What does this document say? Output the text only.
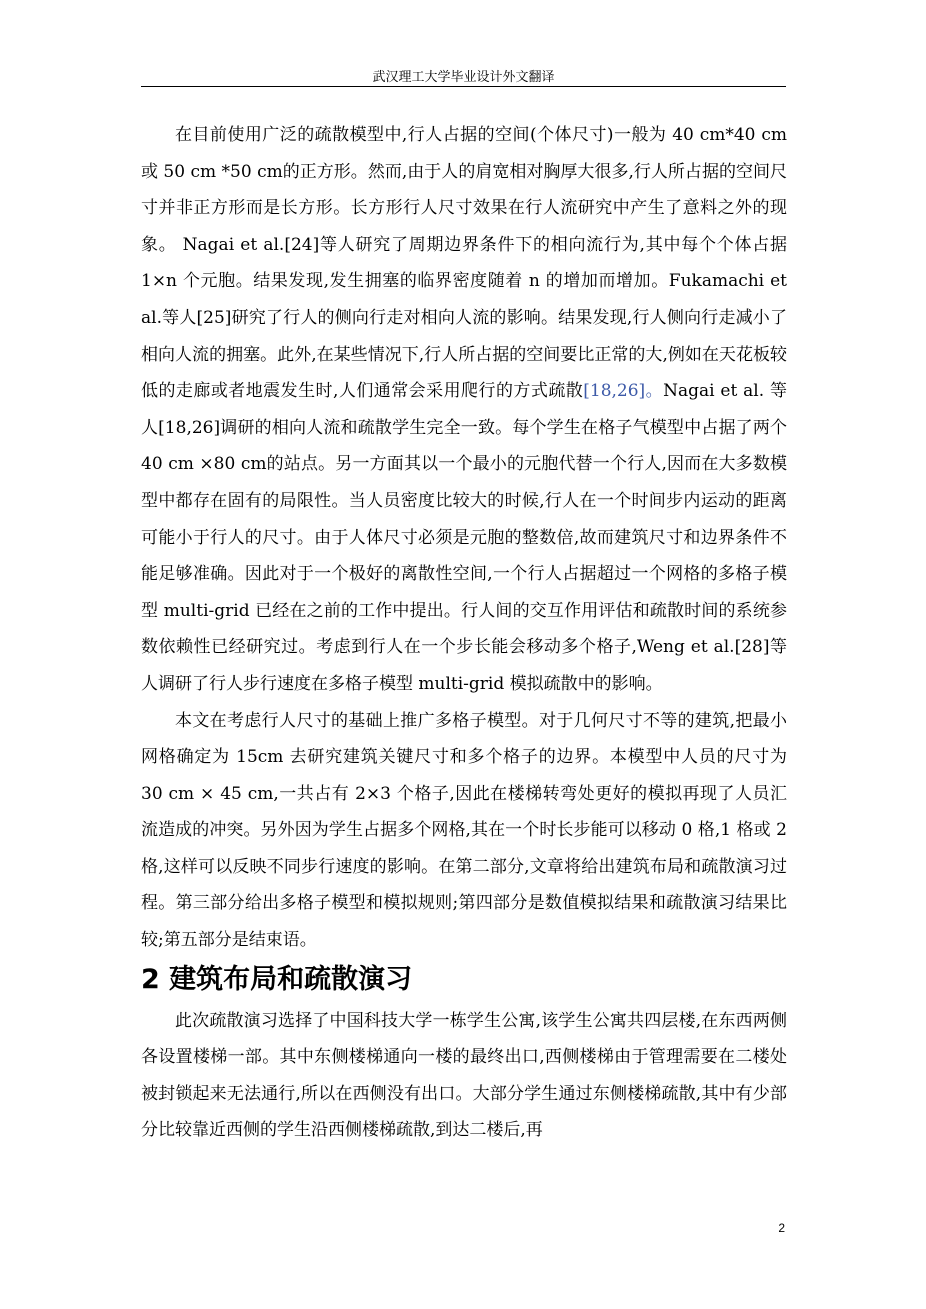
武汉理工大学毕业设计外文翻译

在目前使用广泛的疏散模型中,行人占据的空间(个体尺寸)一般为 40 cm*40 cm或 50 cm *50 cm的正方形。然而,由于人的肩宽相对胸厚大很多,行人所占据的空间尺寸并非正方形而是长方形。长方形行人尺寸效果在行人流研究中产生了意料之外的现象。 Nagai et al.[24]等人研究了周期边界条件下的相向流行为,其中每个个体占据 1×n 个元胞。结果发现,发生拥塞的临界密度随着 n 的增加而增加。Fukamachi et al.等人[25]研究了行人的侧向行走对相向人流的影响。结果发现,行人侧向行走减小了相向人流的拥塞。此外,在某些情况下,行人所占据的空间要比正常的大,例如在天花板较低的走廊或者地震发生时,人们通常会采用爬行的方式疏散[18,26]。Nagai et al. 等人[18,26]调研的相向人流和疏散学生完全一致。每个学生在格子气模型中占据了两个 40 cm ×80 cm的站点。另一方面其以一个最小的元胞代替一个行人,因而在大多数模型中都存在固有的局限性。当人员密度比较大的时候,行人在一个时间步内运动的距离可能小于行人的尺寸。由于人体尺寸必须是元胞的整数倍,故而建筑尺寸和边界条件不能足够准确。因此对于一个极好的离散性空间,一个行人占据超过一个网格的多格子模型 multi-grid 已经在之前的工作中提出。行人间的交互作用评估和疏散时间的系统参数依赖性已经研究过。考虑到行人在一个步长能会移动多个格子,Weng et al.[28]等人调研了行人步行速度在多格子模型 multi-grid 模拟疏散中的影响。

本文在考虑行人尺寸的基础上推广多格子模型。对于几何尺寸不等的建筑,把最小网格确定为 15cm 去研究建筑关键尺寸和多个格子的边界。本模型中人员的尺寸为 30 cm × 45 cm,一共占有 2×3 个格子,因此在楼梯转弯处更好的模拟再现了人员汇流造成的冲突。另外因为学生占据多个网格,其在一个时长步能可以移动 0 格,1 格或 2 格,这样可以反映不同步行速度的影响。在第二部分,文章将给出建筑布局和疏散演习过程。第三部分给出多格子模型和模拟规则;第四部分是数值模拟结果和疏散演习结果比较;第五部分是结束语。

2 建筑布局和疏散演习

此次疏散演习选择了中国科技大学一栋学生公寓,该学生公寓共四层楼,在东西两侧各设置楼梯一部。其中东侧楼梯通向一楼的最终出口,西侧楼梯由于管理需要在二楼处被封锁起来无法通行,所以在西侧没有出口。大部分学生通过东侧楼梯疏散,其中有少部分比较靠近西侧的学生沿西侧楼梯疏散,到达二楼后,再

2
